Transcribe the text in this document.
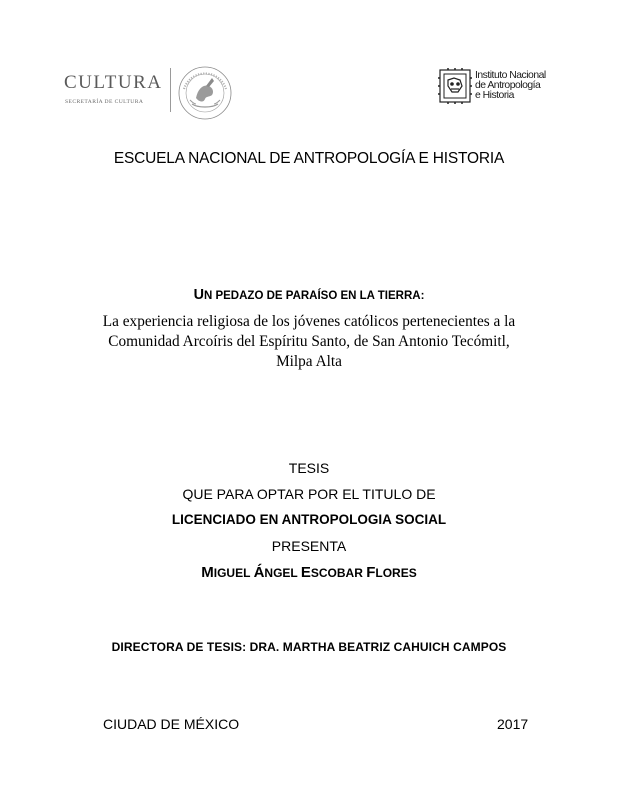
CULTURA
SECRETARÍA DE CULTURA
Instituto Nacional
de Antropología
e Historia
ESCUELA NACIONAL DE ANTROPOLOGÍA E HISTORIA
UN PEDAZO DE PARAÍSO EN LA TIERRA:
La experiencia religiosa de los jóvenes católicos pertenecientes a la
Comunidad Arcoíris del Espíritu Santo, de San Antonio Tecómitl,
Milpa Alta
TESIS
QUE PARA OPTAR POR EL TITULO DE
LICENCIADO EN ANTROPOLOGIA SOCIAL
PRESENTA
MIGUEL ÁNGEL ESCOBAR FLORES
DIRECTORA DE TESIS: DRA. MARTHA BEATRIZ CAHUICH CAMPOS
CIUDAD DE MÉXICO	2017
